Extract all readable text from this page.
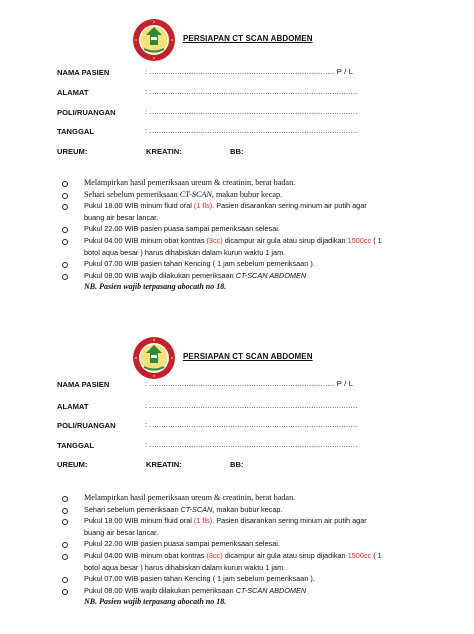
PERSIAPAN CT SCAN ABDOMEN
NAMA PASIEN	: ................................................................................ P / L
ALAMAT	: ..........................................................................................
POLI/RUANGAN	: ..........................................................................................
TANGGAL	: ..........................................................................................
UREUM:	KREATIN:	BB:
Melampirkan hasil pemeriksaan ureum & creatinin, berat badan.
Sehari sebelum pemeriksaan CT-SCAN, makan bubur kecap.
Pukul 18.00 WIB minum fluid oral (1 fls). Pasien disarankan sering minum air putih agar
buang air besar lancar.
Pukul 22.00 WIB pasien puasa sampai pemeriksaan selesai.
Pukul 04.00 WIB minum obat kontras (3cc) dicampur air gula atau sirup dijadikan 1500cc ( 1
botol aqua besar ) harus dihabiskan dalam kurun waktu 1 jam.
Pukul 07.00 WIB pasien tahan Kencing ( 1 jam sebelum pemeriksaan ).
Pukul 08.00 WIB wajib dilakukan pemeriksaan CT-SCAN ABDOMEN
NB. Pasien wajib terpasang abocath no 18.
PERSIAPAN CT SCAN ABDOMEN
NAMA PASIEN	: ................................................................................ P / L
ALAMAT	: ..........................................................................................
POLI/RUANGAN	: ..........................................................................................
TANGGAL	: ..........................................................................................
UREUM:	KREATIN:	BB:
Melampirkan hasil pemeriksaan ureum & creatinin, berat badan.
Sehari sebelum pemeriksaan CT-SCAN, makan bubur kecap.
Pukul 18.00 WIB minum fluid oral (1 fls). Pasien disarankan sering minum air putih agar
buang air besar lancar.
Pukul 22.00 WIB pasien puasa sampai pemeriksaan selesai.
Pukul 04.00 WIB minum obat kontras (3cc) dicampur air gula atau sirup dijadikan 1500cc ( 1
botol aqua besar ) harus dihabiskan dalam kurun waktu 1 jam.
Pukul 07.00 WIB pasien tahan Kencing ( 1 jam sebelum pemeriksaan ).
Pukul 08.00 WIB wajib dilakukan pemeriksaan CT-SCAN ABDOMEN
NB. Pasien wajib terpasang abocath no 18.
